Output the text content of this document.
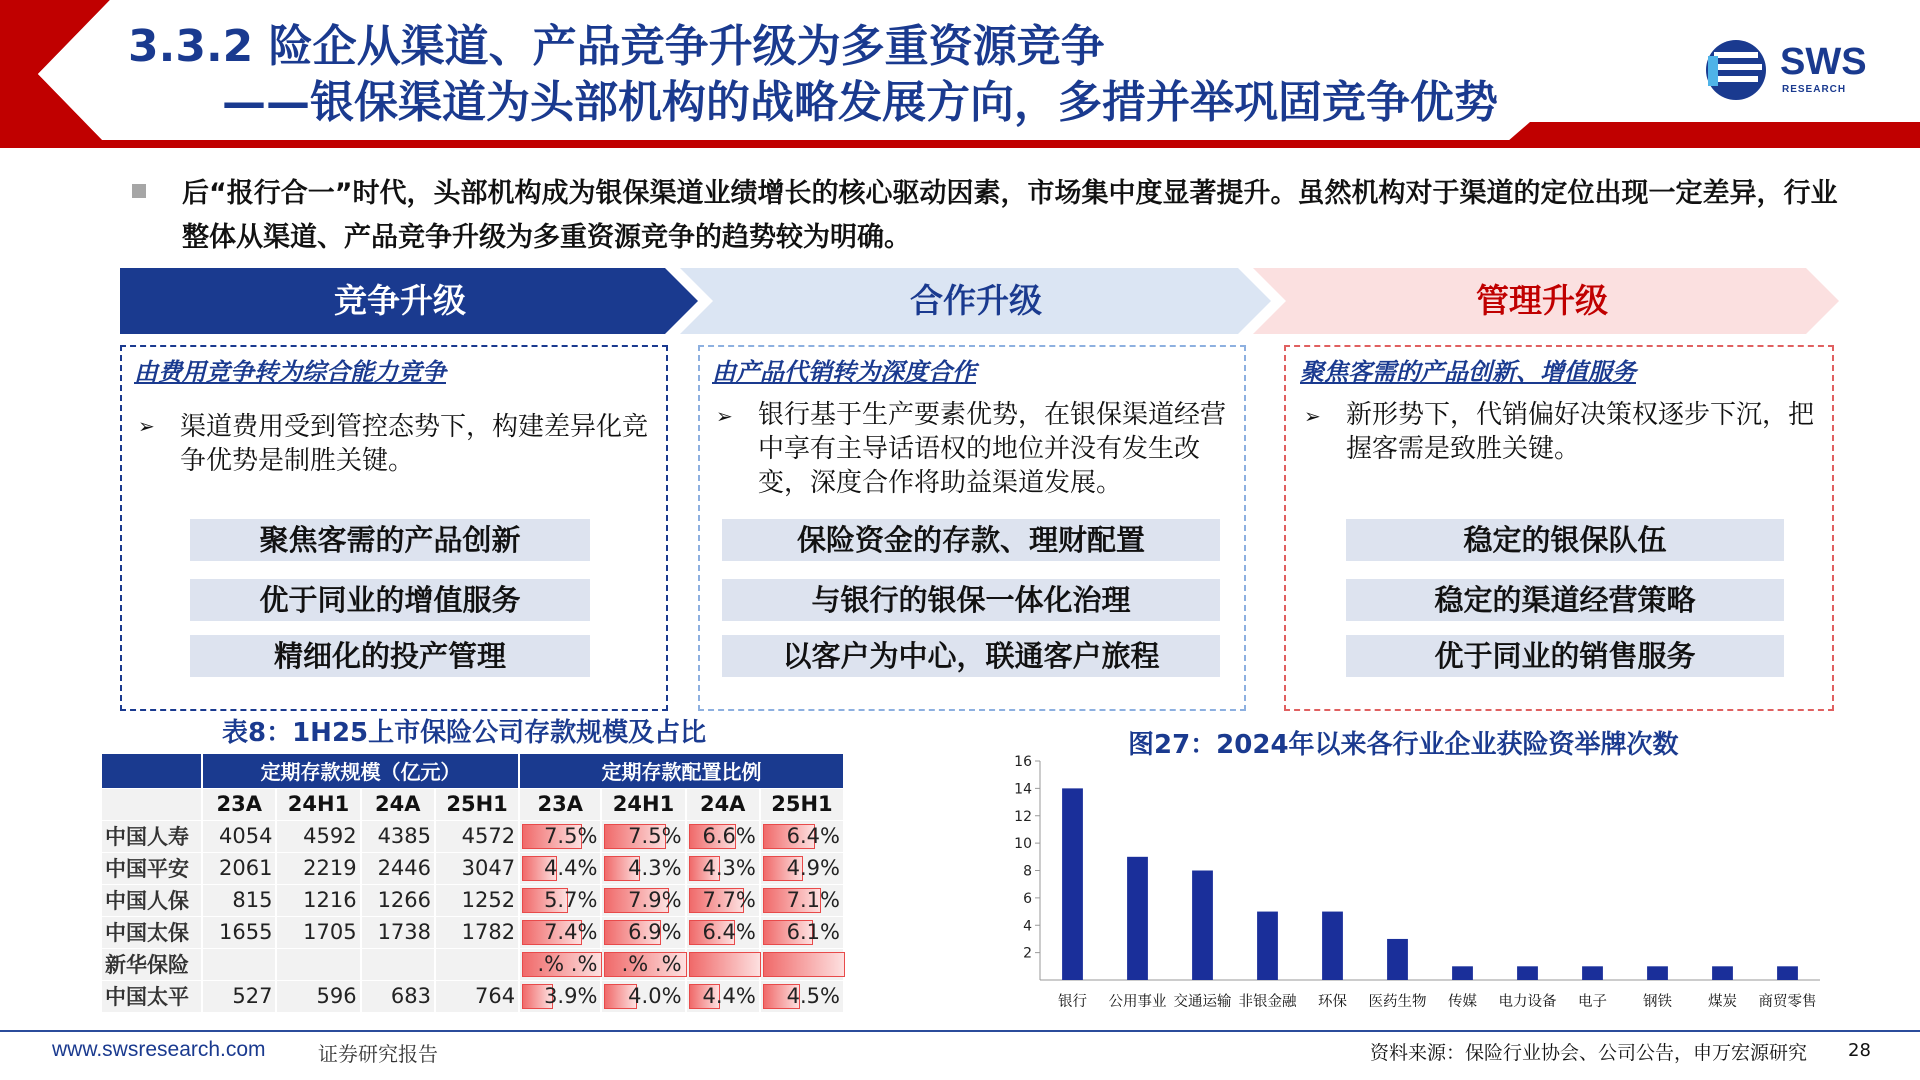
3.3.2 险企从渠道、产品竞争升级为多重资源竞争
——银保渠道为头部机构的战略发展方向，多措并举巩固竞争优势
SWS
RESEARCH
后“报行合一”时代，头部机构成为银保渠道业绩增长的核心驱动因素，市场集中度显著提升。虽然机构对于渠道的定位出现一定差异，行业整体从渠道、产品竞争升级为多重资源竞争的趋势较为明确。
竞争升级	合作升级	管理升级
由费用竞争转为综合能力竞争
➢ 渠道费用受到管控态势下，构建差异化竞争优势是制胜关键。
聚焦客需的产品创新
优于同业的增值服务
精细化的投产管理
由产品代销转为深度合作
➢ 银行基于生产要素优势，在银保渠道经营中享有主导话语权的地位并没有发生改变，深度合作将助益渠道发展。
保险资金的存款、理财配置
与银行的银保一体化治理
以客户为中心，联通客户旅程
聚焦客需的产品创新、增值服务
➢ 新形势下，代销偏好决策权逐步下沉，把握客需是致胜关键。
稳定的银保队伍
稳定的渠道经营策略
优于同业的销售服务
表8：1H25上市保险公司存款规模及占比
	定期存款规模（亿元）				定期存款配置比例			
	23A	24H1	24A	25H1	23A	24H1	24A	25H1
中国人寿	4054	4592	4385	4572	7.5%	7.5%	6.6%	6.4%
中国平安	2061	2219	2446	3047	4.4%	4.3%	4.3%	4.9%
中国人保	815	1216	1266	1252	5.7%	7.9%	7.7%	7.1%
中国太保	1655	1705	1738	1782	7.4%	6.9%	6.4%	6.1%
新华保险					.% .%	.% .%	

中国太平	527	596	683	764	3.9%	4.0%	4.4%	4.5%
图27：2024年以来各行业企业获险资举牌次数
2
4
6
8
10
12
14
16
银行 公用事业 交通运输 非银金融 环保 医药生物 传媒 电力设备 电子 钢铁 煤炭 商贸零售
www.swsresearch.com	证券研究报告	资料来源：保险行业协会、公司公告，申万宏源研究 28
